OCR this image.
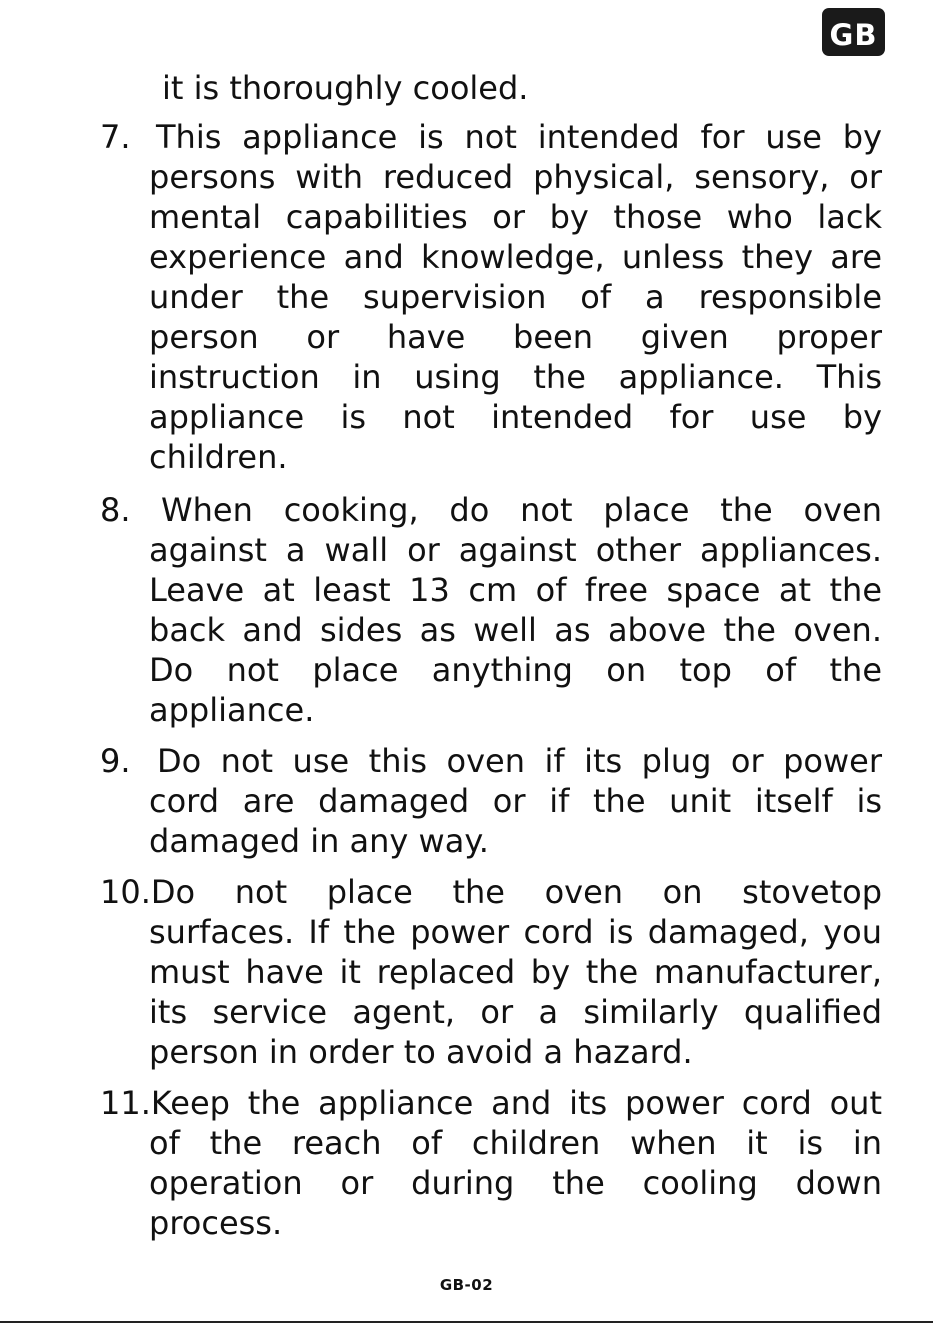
GB
it is thoroughly cooled.
7. This appliance is not intended for use by
persons with reduced physical, sensory, or
mental capabilities or by those who lack
experience and knowledge, unless they are
under the supervision of a responsible
person or have been given proper
instruction in using the appliance. This
appliance is not intended for use by
children.
8. When cooking, do not place the oven
against a wall or against other appliances.
Leave at least 13 cm of free space at the
back and sides as well as above the oven.
Do not place anything on top of the
appliance.
9. Do not use this oven if its plug or power
cord are damaged or if the unit itself is
damaged in any way.
10. Do not place the oven on stovetop
surfaces. If the power cord is damaged, you
must have it replaced by the manufacturer,
its service agent, or a similarly qualified
person in order to avoid a hazard.
11. Keep the appliance and its power cord out
of the reach of children when it is in
operation or during the cooling down
process.
GB-02
